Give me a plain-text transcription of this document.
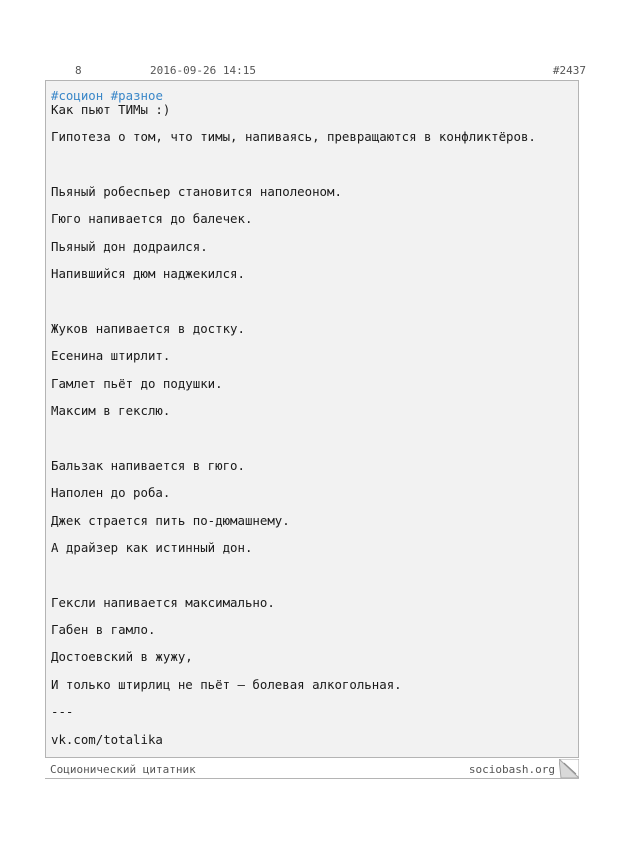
8	2016-09-26 14:15	#2437
#социон #разное
Как пьют ТИМы :)
Гипотеза о том, что тимы, напиваясь, превращаются в конфликтёров.
Пьяный робеспьер становится наполеоном.
Гюго напивается до балечек.
Пьяный дон додраился.
Напившийся дюм наджекился.
Жуков напивается в достку.
Есенина штирлит.
Гамлет пьёт до подушки.
Максим в гекслю.
Бальзак напивается в гюго.
Наполен до роба.
Джек страется пить по-дюмашнему.
А драйзер как истинный дон.
Гексли напивается максимально.
Габен в гамло.
Достоевский в жужу,
И только штирлиц не пьёт – болевая алкогольная.
---
vk.com/totalika
Соционический цитатник	sociobash.org
